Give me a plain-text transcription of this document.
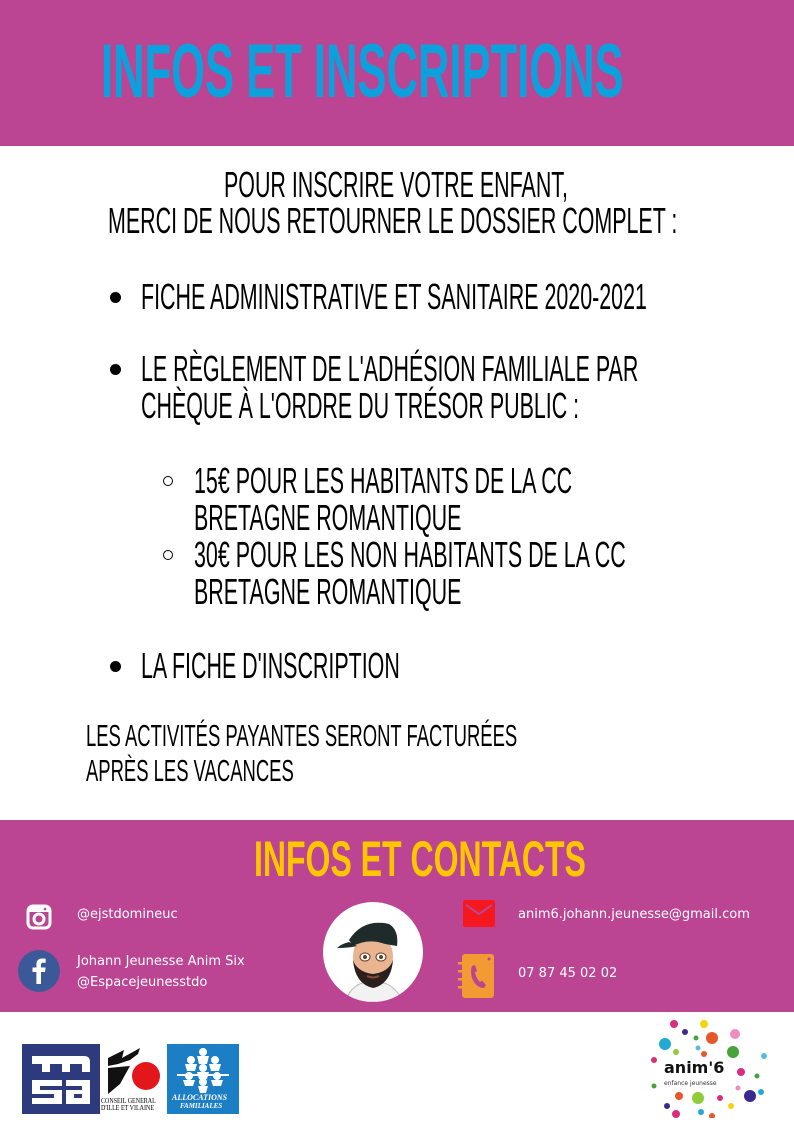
INFOS ET INSCRIPTIONS
POUR INSCRIRE VOTRE ENFANT,
MERCI DE NOUS RETOURNER LE DOSSIER COMPLET :
FICHE ADMINISTRATIVE ET SANITAIRE 2020-2021
LE RÈGLEMENT DE L'ADHÉSION FAMILIALE PAR
CHÈQUE À L'ORDRE DU TRÉSOR PUBLIC :
15€ POUR LES HABITANTS DE LA CC
BRETAGNE ROMANTIQUE
30€ POUR LES NON HABITANTS DE LA CC
BRETAGNE ROMANTIQUE
LA FICHE D'INSCRIPTION
LES ACTIVITÉS PAYANTES SERONT FACTURÉES
APRÈS LES VACANCES
INFOS ET CONTACTS
@ejstdomineuc
Johann Jeunesse Anim Six
@Espacejeunesstdo
anim6.johann.jeunesse@gmail.com
07 87 45 02 02
CONSEIL GENERAL
D'ILLE ET VILAINE
ALLOCATIONS
FAMILIALES
anim'6
enfance jeunesse
